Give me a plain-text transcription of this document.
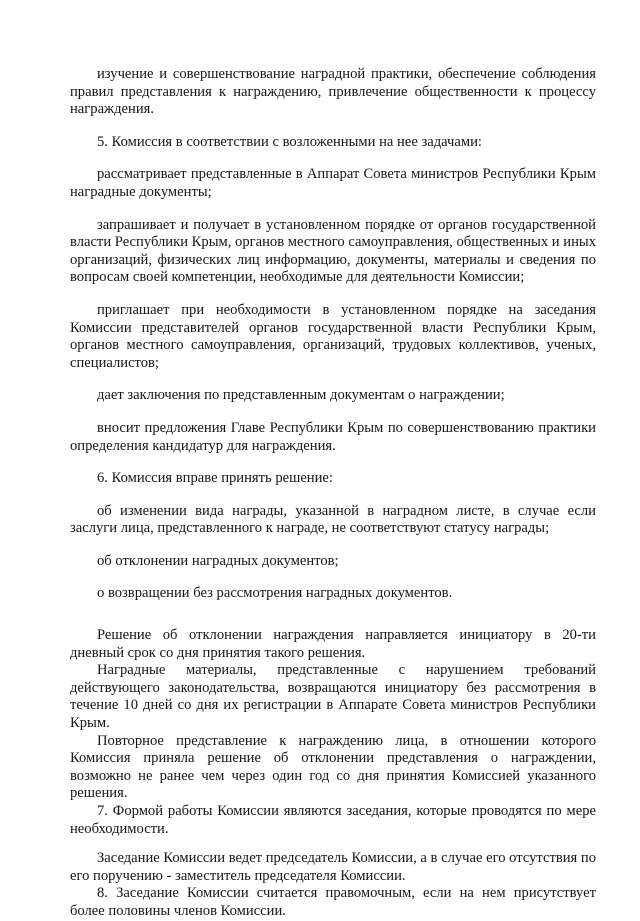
изучение и совершенствование наградной практики, обеспечение соблюдения правил представления к награждению, привлечение общественности к процессу награждения.

5. Комиссия в соответствии с возложенными на нее задачами:

рассматривает представленные в Аппарат Совета министров Республики Крым наградные документы;

запрашивает и получает в установленном порядке от органов государственной власти Республики Крым, органов местного самоуправления, общественных и иных организаций, физических лиц информацию, документы, материалы и сведения по вопросам своей компетенции, необходимые для деятельности Комиссии;

приглашает при необходимости в установленном порядке на заседания Комиссии представителей органов государственной власти Республики Крым, органов местного самоуправления, организаций, трудовых коллективов, ученых, специалистов;

дает заключения по представленным документам о награждении;

вносит предложения Главе Республики Крым по совершенствованию практики определения кандидатур для награждения.

6. Комиссия вправе принять решение:

об изменении вида награды, указанной в наградном листе, в случае если заслуги лица, представленного к награде, не соответствуют статусу награды;

об отклонении наградных документов;

о возвращении без рассмотрения наградных документов.

Решение об отклонении награждения направляется инициатору в 20-ти дневный срок со дня принятия такого решения.

Наградные материалы, представленные с нарушением требований действующего законодательства, возвращаются инициатору без рассмотрения в течение 10 дней со дня их регистрации в Аппарате Совета министров Республики Крым.

Повторное представление к награждению лица, в отношении которого Комиссия приняла решение об отклонении представления о награждении, возможно не ранее чем через один год со дня принятия Комиссией указанного решения.

7. Формой работы Комиссии являются заседания, которые проводятся по мере необходимости.

Заседание Комиссии ведет председатель Комиссии, а в случае его отсутствия по его поручению - заместитель председателя Комиссии.

8. Заседание Комиссии считается правомочным, если на нем присутствует более половины членов Комиссии.
